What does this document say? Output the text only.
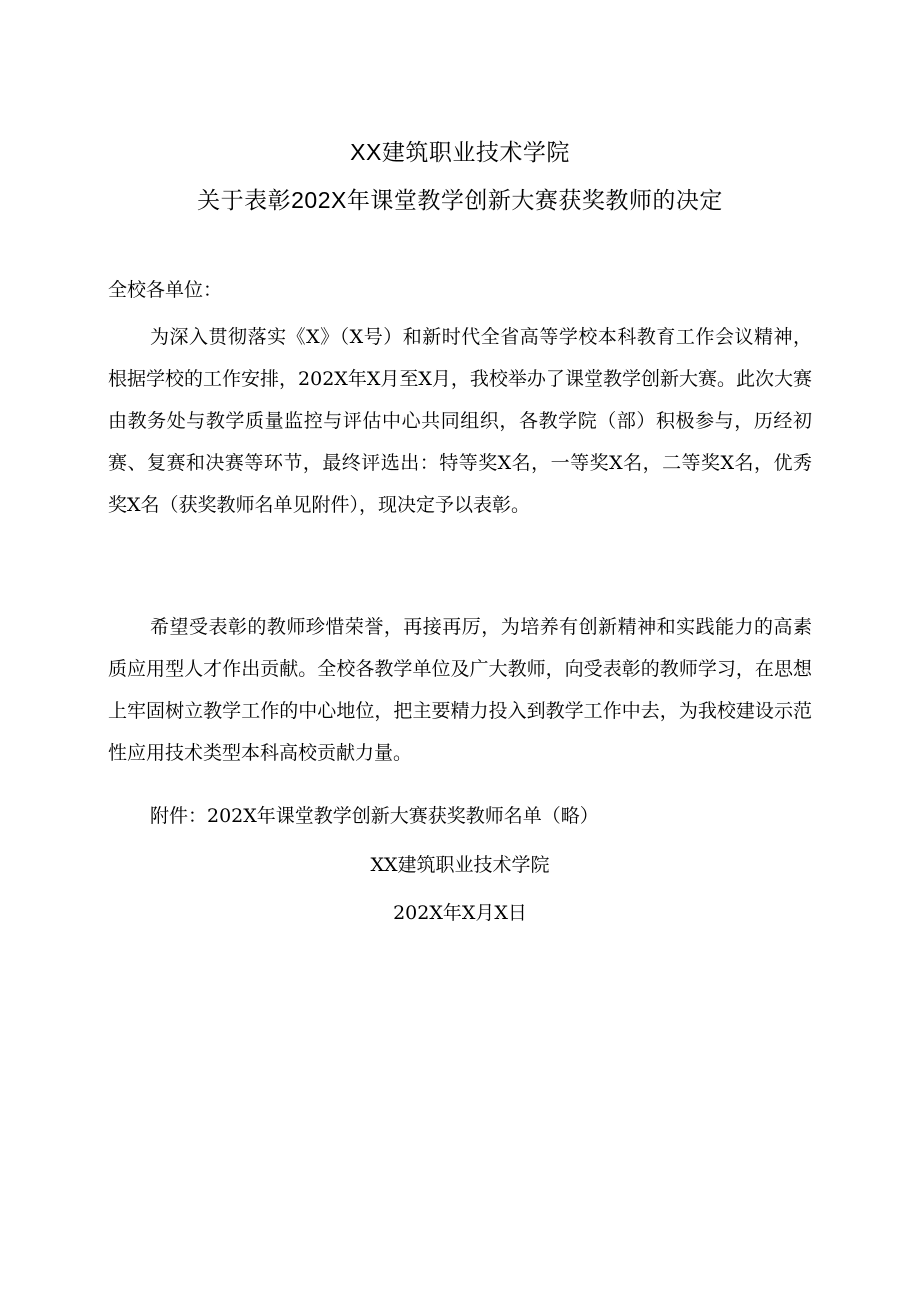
XX建筑职业技术学院
关于表彰202X年课堂教学创新大赛获奖教师的决定
全校各单位：

为深入贯彻落实《X》（X号）和新时代全省高等学校本科教育工作会议精神，根据学校的工作安排，202X年X月至X月，我校举办了课堂教学创新大赛。此次大赛由教务处与教学质量监控与评估中心共同组织，各教学院（部）积极参与，历经初赛、复赛和决赛等环节，最终评选出：特等奖X名，一等奖X名，二等奖X名，优秀奖X名（获奖教师名单见附件），现决定予以表彰。

希望受表彰的教师珍惜荣誉，再接再厉，为培养有创新精神和实践能力的高素质应用型人才作出贡献。全校各教学单位及广大教师，向受表彰的教师学习，在思想上牢固树立教学工作的中心地位，把主要精力投入到教学工作中去，为我校建设示范性应用技术类型本科高校贡献力量。

附件：202X年课堂教学创新大赛获奖教师名单（略）

XX建筑职业技术学院
202X年X月X日
